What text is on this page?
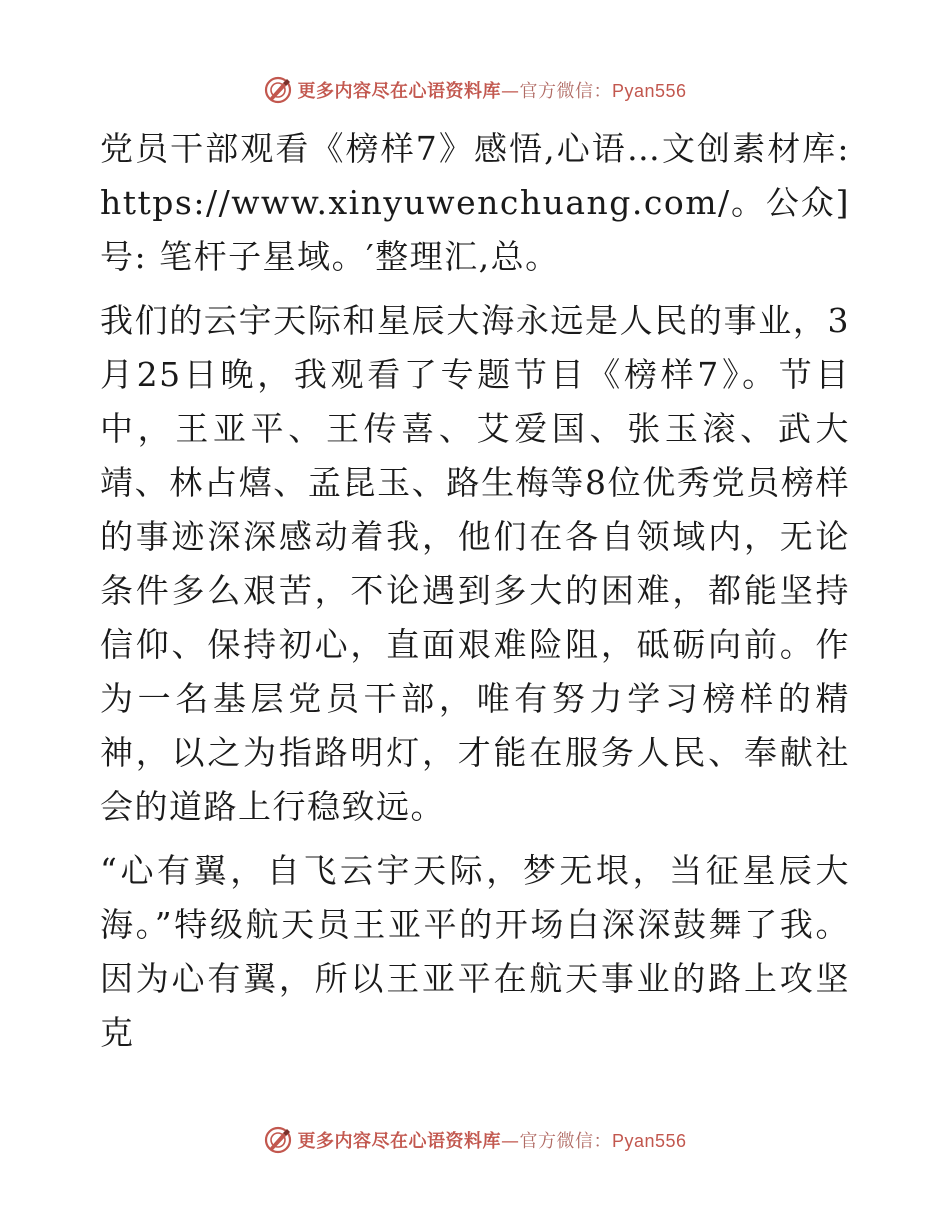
更多内容尽在心语资料库—官方微信：Pyan556

党员干部观看《榜样7》感悟,心语…文创素材库: https://www.xinyuwenchuang.com/。公众]号: 笔杆子星域。′整理汇,总。

我们的云宇天际和星辰大海永远是人民的事业，3月25日晚，我观看了专题节目《榜样7》。节目中，王亚平、王传喜、艾爱国、张玉滚、武大靖、林占熺、孟昆玉、路生梅等8位优秀党员榜样的事迹深深感动着我，他们在各自领域内，无论条件多么艰苦，不论遇到多大的困难，都能坚持信仰、保持初心，直面艰难险阻，砥砺向前。作为一名基层党员干部，唯有努力学习榜样的精神，以之为指路明灯，才能在服务人民、奉献社会的道路上行稳致远。

“心有翼，自飞云宇天际，梦无垠，当征星辰大海。”特级航天员王亚平的开场白深深鼓舞了我。因为心有翼，所以王亚平在航天事业的路上攻坚克

更多内容尽在心语资料库—官方微信：Pyan556
